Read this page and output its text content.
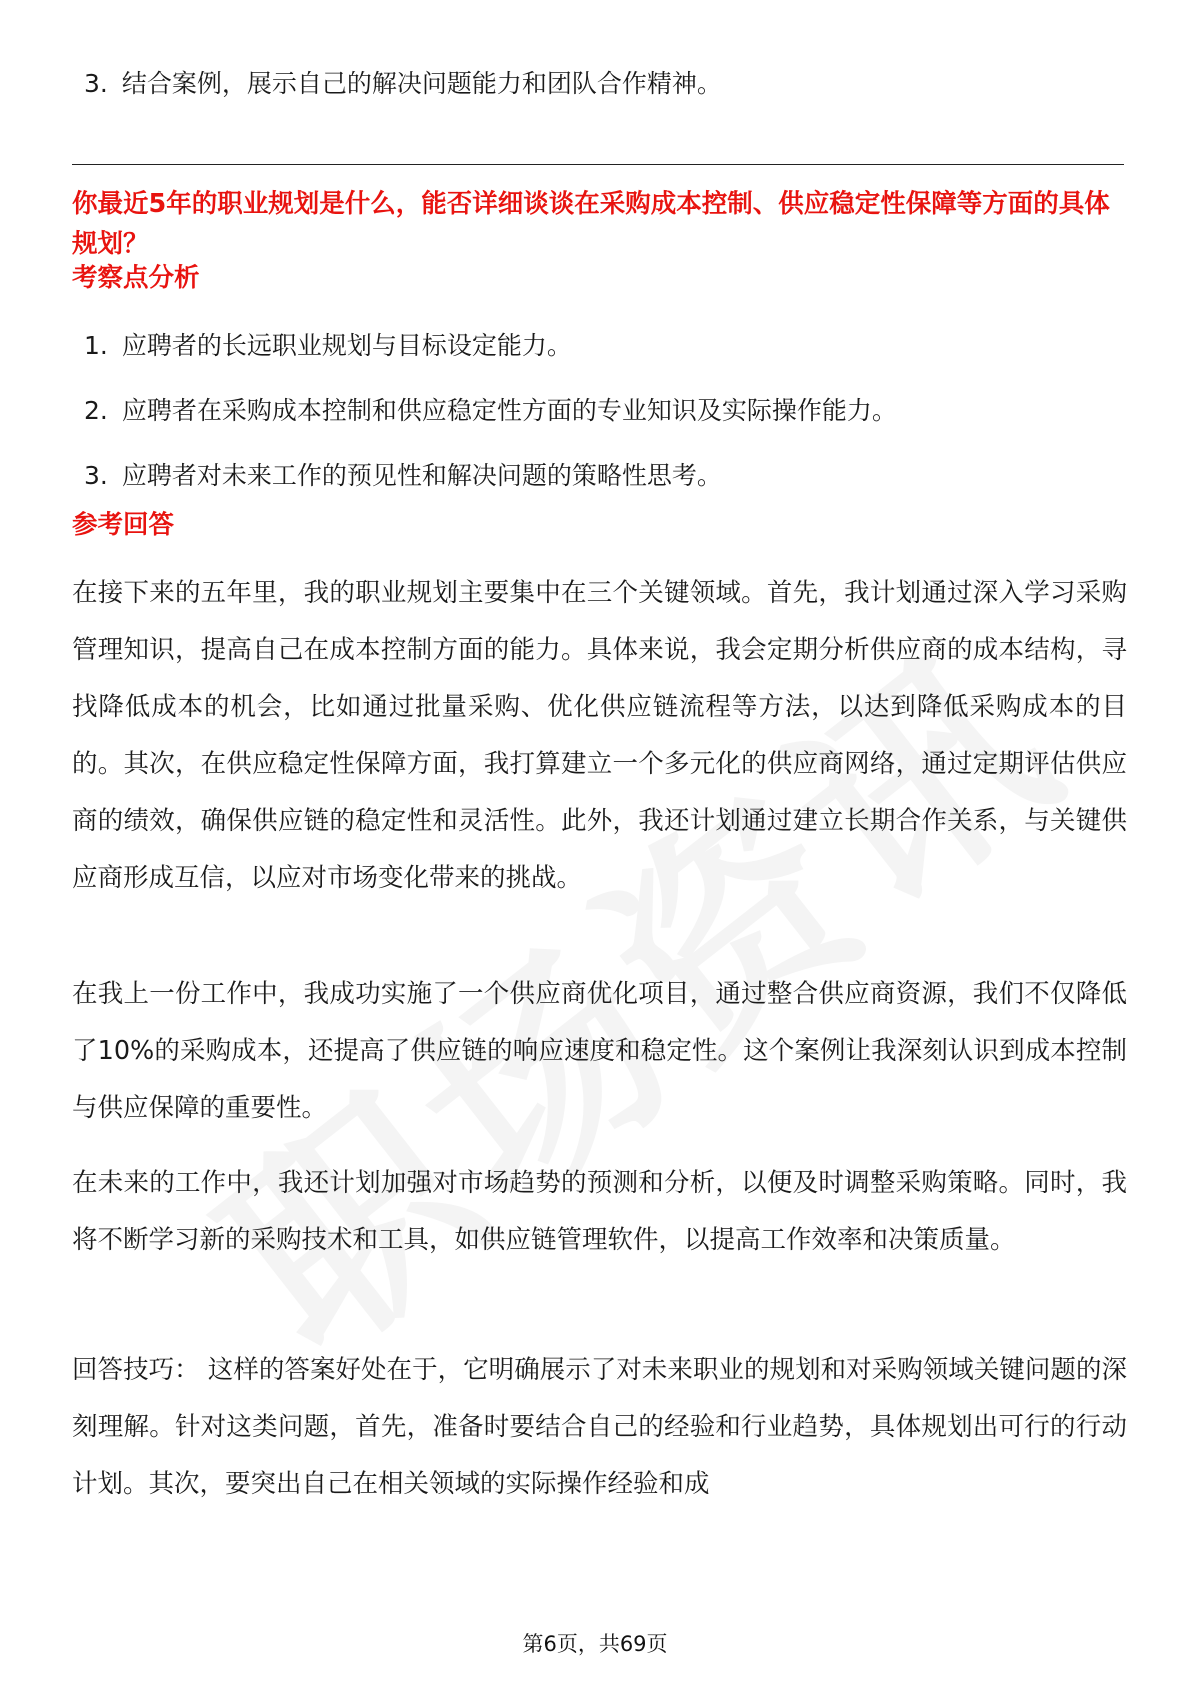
3. 结合案例，展示自己的解决问题能力和团队合作精神。
你最近5年的职业规划是什么，能否详细谈谈在采购成本控制、供应稳定性保障等方面的具体规划？
考察点分析
1. 应聘者的长远职业规划与目标设定能力。
2. 应聘者在采购成本控制和供应稳定性方面的专业知识及实际操作能力。
3. 应聘者对未来工作的预见性和解决问题的策略性思考。
参考回答

在接下来的五年里，我的职业规划主要集中在三个关键领域。首先，我计划通过深入学习采购管理知识，提高自己在成本控制方面的能力。具体来说，我会定期分析供应商的成本结构，寻找降低成本的机会，比如通过批量采购、优化供应链流程等方法，以达到降低采购成本的目的。其次，在供应稳定性保障方面，我打算建立一个多元化的供应商网络，通过定期评估供应商的绩效，确保供应链的稳定性和灵活性。此外，我还计划通过建立长期合作关系，与关键供应商形成互信，以应对市场变化带来的挑战。

在我上一份工作中，我成功实施了一个供应商优化项目，通过整合供应商资源，我们不仅降低了10%的采购成本，还提高了供应链的响应速度和稳定性。这个案例让我深刻认识到成本控制与供应保障的重要性。

在未来的工作中，我还计划加强对市场趋势的预测和分析，以便及时调整采购策略。同时，我将不断学习新的采购技术和工具，如供应链管理软件，以提高工作效率和决策质量。

回答技巧： 这样的答案好处在于，它明确展示了对未来职业的规划和对采购领域关键问题的深刻理解。针对这类问题，首先，准备时要结合自己的经验和行业趋势，具体规划出可行的行动计划。其次，要突出自己在相关领域的实际操作经验和成

第6页，共69页
